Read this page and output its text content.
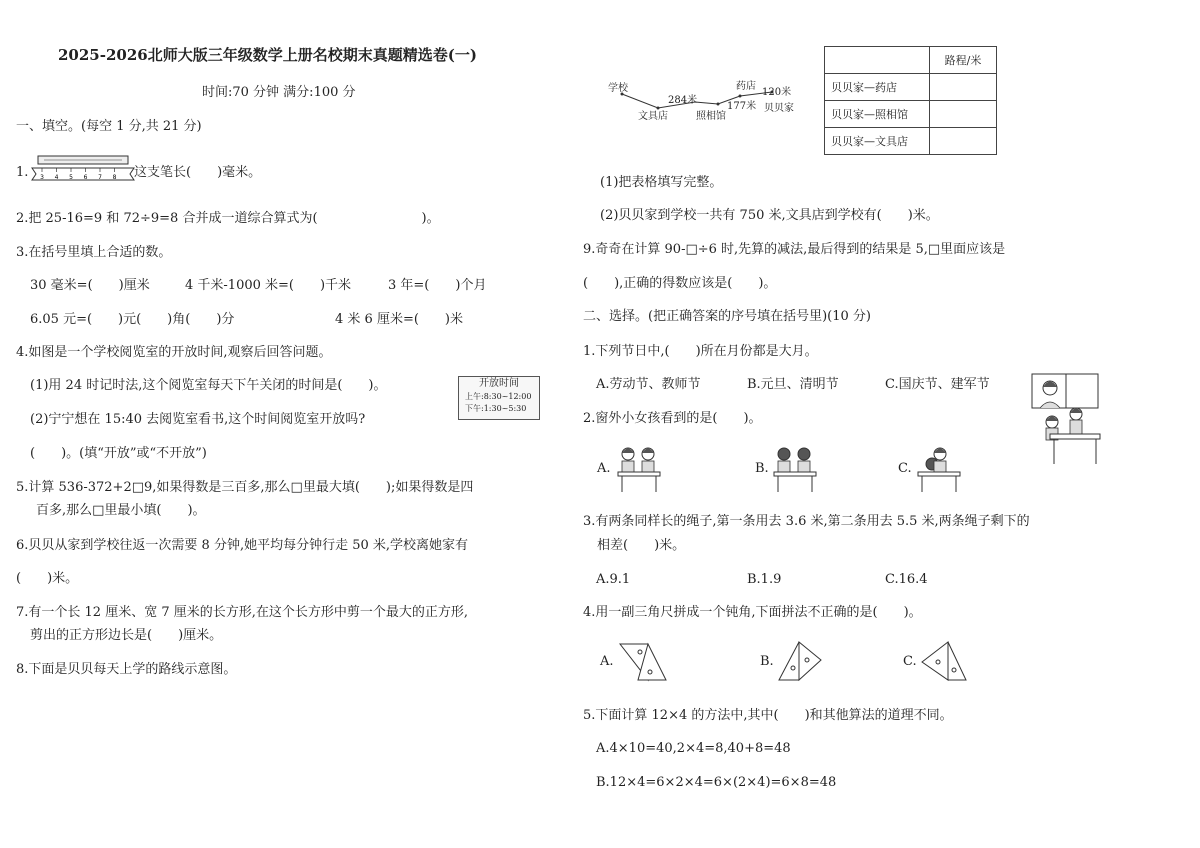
2025-2026北师大版三年级数学上册名校期末真题精选卷(一)
时间:70 分钟 满分:100 分
一、填空。(每空 1 分,共 21 分)
1. 3 4 5 6 7 8 这支笔长(　　)毫米。
2.把 25-16=9 和 72÷9=8 合并成一道综合算式为(　　　　　　　　)。
3.在括号里填上合适的数。
30 毫米=(　　)厘米	4 千米-1000 米=(　　)千米	3 年=(　　)个月
6.05 元=(　　)元(　　)角(　　)分	4 米 6 厘米=(　　)米
4.如图是一个学校阅览室的开放时间,观察后回答问题。
(1)用 24 时记时法,这个阅览室每天下午关闭的时间是(　　)。
(2)宁宁想在 15:40 去阅览室看书,这个时间阅览室开放吗?
(　　)。(填“开放”或“不开放”)
开放时间
上午:8:30~12:00
下午:1:30~5:30
5.计算 536-372+2□9,如果得数是三百多,那么□里最大填(　　);如果得数是四
百多,那么□里最小填(　　)。
6.贝贝从家到学校往返一次需要 8 分钟,她平均每分钟行走 50 米,学校离她家有
(　　)米。
7.有一个长 12 厘米、宽 7 厘米的长方形,在这个长方形中剪一个最大的正方形,
剪出的正方形边长是(　　)厘米。
8.下面是贝贝每天上学的路线示意图。
学校
文具店
284米
照相馆
177米
药店
120米
贝贝家
	路程/米
贝贝家—药店	
贝贝家—照相馆	
贝贝家—文具店	
(1)把表格填写完整。
(2)贝贝家到学校一共有 750 米,文具店到学校有(　　)米。
9.奇奇在计算 90-□÷6 时,先算的减法,最后得到的结果是 5,□里面应该是
(　　),正确的得数应该是(　　)。
二、选择。(把正确答案的序号填在括号里)(10 分)
1.下列节日中,(　　)所在月份都是大月。
A.劳动节、教师节	B.元旦、清明节	C.国庆节、建军节
2.窗外小女孩看到的是(　　)。
A.	B.	C.
3.有两条同样长的绳子,第一条用去 3.6 米,第二条用去 5.5 米,两条绳子剩下的
相差(　　)米。
A.9.1	B.1.9	C.16.4
4.用一副三角尺拼成一个钝角,下面拼法不正确的是(　　)。
A.	B.	C.
5.下面计算 12×4 的方法中,其中(　　)和其他算法的道理不同。
A.4×10=40,2×4=8,40+8=48
B.12×4=6×2×4=6×(2×4)=6×8=48
